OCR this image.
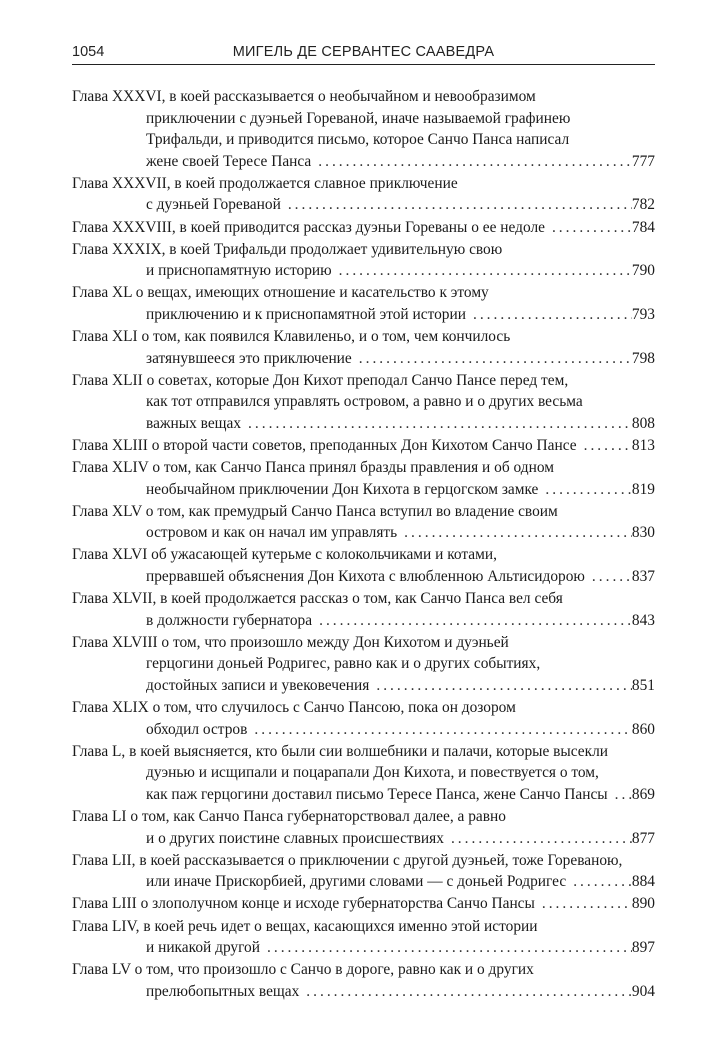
1054	МИГЕЛЬ ДЕ СЕРВАНТЕС СААВЕДРА
Глава XXXVI, в коей рассказывается о необычайном и невообразимом
приключении с дуэньей Гореваной, иначе называемой графинею
Трифальди, и приводится письмо, которое Санчо Панса написал
жене своей Тересе Панса .....	777
Глава XXXVII, в коей продолжается славное приключение
с дуэньей Гореваной .....	782
Глава XXXVIII, в коей приводится рассказ дуэньи Гореваны о ее недоле .....	784
Глава XXXIX, в коей Трифальди продолжает удивительную свою
и приснопамятную историю .....	790
Глава XL о вещах, имеющих отношение и касательство к этому
приключению и к приснопамятной этой истории .....	793
Глава XLI о том, как появился Клавиленьо, и о том, чем кончилось
затянувшееся это приключение .....	798
Глава XLII о советах, которые Дон Кихот преподал Санчо Пансе перед тем,
как тот отправился управлять островом, а равно и о других весьма
важных вещах .....	808
Глава XLIII о второй части советов, преподанных Дон Кихотом Санчо Пансе .....	813
Глава XLIV о том, как Санчо Панса принял бразды правления и об одном
необычайном приключении Дон Кихота в герцогском замке .....	819
Глава XLV о том, как премудрый Санчо Панса вступил во владение своим
островом и как он начал им управлять .....	830
Глава XLVI об ужасающей кутерьме с колокольчиками и котами,
прервавшей объяснения Дон Кихота с влюбленною Альтисидорою .....	837
Глава XLVII, в коей продолжается рассказ о том, как Санчо Панса вел себя
в должности губернатора .....	843
Глава XLVIII о том, что произошло между Дон Кихотом и дуэньей
герцогини доньей Родригес, равно как и о других событиях,
достойных записи и увековечения .....	851
Глава XLIX о том, что случилось с Санчо Пансою, пока он дозором
обходил остров .....	860
Глава L, в коей выясняется, кто были сии волшебники и палачи, которые высекли
дуэнью и исщипали и поцарапали Дон Кихота, и повествуется о том,
как паж герцогини доставил письмо Тересе Панса, жене Санчо Пансы ..... 869
Глава LI о том, как Санчо Панса губернаторствовал далее, а равно
и о других поистине славных происшествиях .....	877
Глава LII, в коей рассказывается о приключении с другой дуэньей, тоже Гореваною,
или иначе Прискорбией, другими словами — с доньей Родригес .....	884
Глава LIII о злополучном конце и исходе губернаторства Санчо Пансы .....	890
Глава LIV, в коей речь идет о вещах, касающихся именно этой истории
и никакой другой .....	897
Глава LV о том, что произошло с Санчо в дороге, равно как и о других
прелюбопытных вещах .....	904
